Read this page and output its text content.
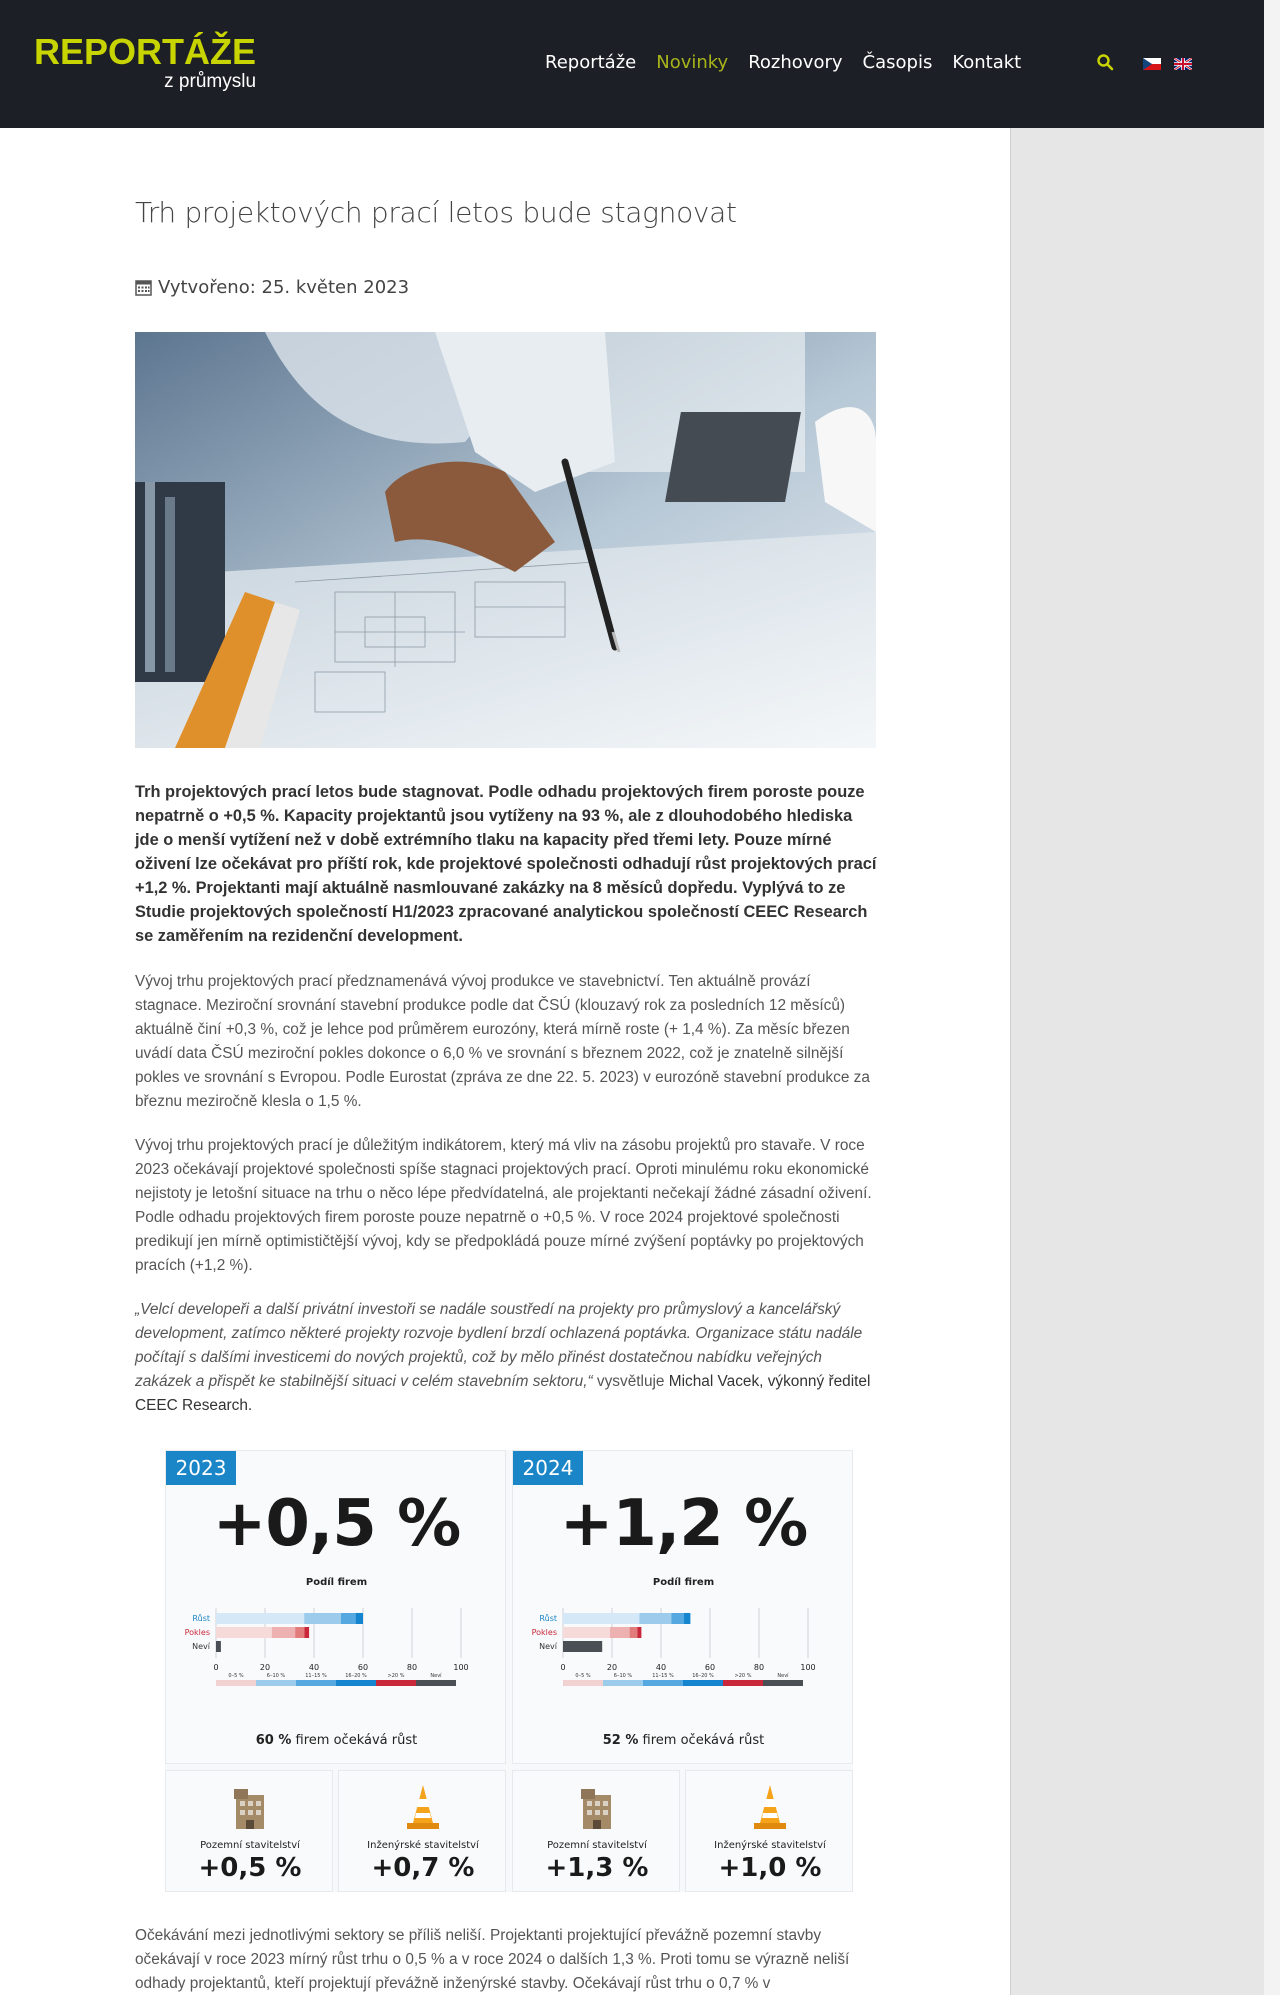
REPORTÁŽE
z průmyslu
Reportáže Novinky Rozhovory Časopis Kontakt
Trh projektových prací letos bude stagnovat
Vytvořeno: 25. květen 2023

Trh projektových prací letos bude stagnovat. Podle odhadu projektových firem poroste pouze nepatrně o +0,5 %. Kapacity projektantů jsou vytíženy na 93 %, ale z dlouhodobého hlediska jde o menší vytížení než v době extrémního tlaku na kapacity před třemi lety. Pouze mírné oživení lze očekávat pro příští rok, kde projektové společnosti odhadují růst projektových prací +1,2 %. Projektanti mají aktuálně nasmlouvané zakázky na 8 měsíců dopředu. Vyplývá to ze Studie projektových společností H1/2023 zpracované analytickou společností CEEC Research se zaměřením na rezidenční development.

Vývoj trhu projektových prací předznamenává vývoj produkce ve stavebnictví. Ten aktuálně provází stagnace. Meziroční srovnání stavební produkce podle dat ČSÚ (klouzavý rok za posledních 12 měsíců) aktuálně činí +0,3 %, což je lehce pod průměrem eurozóny, která mírně roste (+ 1,4 %). Za měsíc březen uvádí data ČSÚ meziroční pokles dokonce o 6,0 % ve srovnání s březnem 2022, což je znatelně silnější pokles ve srovnání s Evropou. Podle Eurostat (zpráva ze dne 22. 5. 2023) v eurozóně stavební produkce za březnu meziročně klesla o 1,5 %.

Vývoj trhu projektových prací je důležitým indikátorem, který má vliv na zásobu projektů pro stavaře. V roce 2023 očekávají projektové společnosti spíše stagnaci projektových prací. Oproti minulému roku ekonomické nejistoty je letošní situace na trhu o něco lépe předvídatelná, ale projektanti nečekají žádné zásadní oživení. Podle odhadu projektových firem poroste pouze nepatrně o +0,5 %. V roce 2024 projektové společnosti predikují jen mírně optimističtější vývoj, kdy se předpokládá pouze mírné zvýšení poptávky po projektových pracích (+1,2 %).

„Velcí developeři a další privátní investoři se nadále soustředí na projekty pro průmyslový a kancelářský development, zatímco některé projekty rozvoje bydlení brzdí ochlazená poptávka. Organizace státu nadále počítají s dalšími investicemi do nových projektů, což by mělo přinést dostatečnou nabídku veřejných zakázek a přispět ke stabilnější situaci v celém stavebním sektoru,“ vysvětluje Michal Vacek, výkonný ředitel CEEC Research.

2023
+0,5 %
Podíl firem
0	20	40	60	80	100
Růst
Pokles
Neví
0–5 %	6–10 %	11–15 %	16–20 %	>20 %	Neví
60 % firem očekává růst
2024
+1,2 %
Podíl firem
0	20	40	60	80	100
Růst
Pokles
Neví
0–5 %	6–10 %	11–15 %	16–20 %	>20 %	Neví
52 % firem očekává růst
Pozemní stavitelství
+0,5 %
Inženýrské stavitelství
+0,7 %
Pozemní stavitelství
+1,3 %
Inženýrské stavitelství
+1,0 %

Očekávání mezi jednotlivými sektory se příliš neliší. Projektanti projektující převážně pozemní stavby očekávají v roce 2023 mírný růst trhu o 0,5 % a v roce 2024 o dalších 1,3 %. Proti tomu se výrazně neliší odhady projektantů, kteří projektují převážně inženýrské stavby. Očekávají růst trhu o 0,7 % v
